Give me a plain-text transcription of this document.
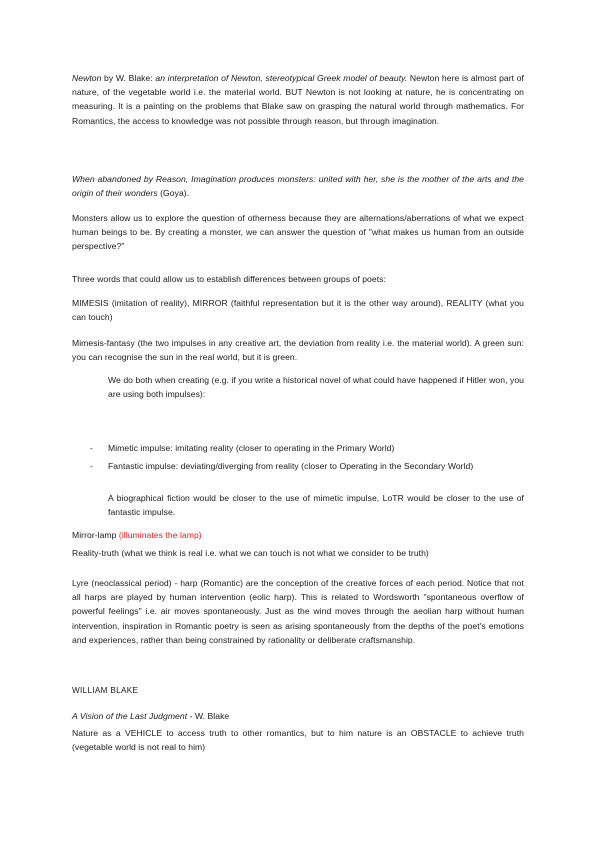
Newton by W. Blake: an interpretation of Newton, stereotypical Greek model of beauty. Newton here is almost part of nature, of the vegetable world i.e. the material world. BUT Newton is not looking at nature, he is concentrating on measuring. It is a painting on the problems that Blake saw on grasping the natural world through mathematics. For Romantics, the access to knowledge was not possible through reason, but through imagination.

When abandoned by Reason, Imagination produces monsters: united with her, she is the mother of the arts and the origin of their wonders (Goya).

Monsters allow us to explore the question of otherness because they are alternations/aberrations of what we expect human beings to be. By creating a monster, we can answer the question of "what makes us human from an outside perspective?"

Three words that could allow us to establish differences between groups of poets:

MIMESIS (imitation of reality), MIRROR (faithful representation but it is the other way around), REALITY (what you can touch)

Mimesis-fantasy (the two impulses in any creative art, the deviation from reality i.e. the material world). A green sun: you can recognise the sun in the real world, but it is green.

We do both when creating (e.g. if you write a historical novel of what could have happened if Hitler won, you are using both impulses):

- Mimetic impulse: imitating reality (closer to operating in the Primary World)
- Fantastic impulse: deviating/diverging from reality (closer to Operating in the Secondary World)

A biographical fiction would be closer to the use of mimetic impulse, LoTR would be closer to the use of fantastic impulse.

Mirror-lamp (illuminates the lamp)

Reality-truth (what we think is real i.e. what we can touch is not what we consider to be truth)

Lyre (neoclassical period) - harp (Romantic) are the conception of the creative forces of each period. Notice that not all harps are played by human intervention (eolic harp). This is related to Wordsworth "spontaneous overflow of powerful feelings" i.e. air moves spontaneously. Just as the wind moves through the aeolian harp without human intervention, inspiration in Romantic poetry is seen as arising spontaneously from the depths of the poet's emotions and experiences, rather than being constrained by rationality or deliberate craftsmanship.

WILLIAM BLAKE

A Vision of the Last Judgment - W. Blake

Nature as a VEHICLE to access truth to other romantics, but to him nature is an OBSTACLE to achieve truth (vegetable world is not real to him)
